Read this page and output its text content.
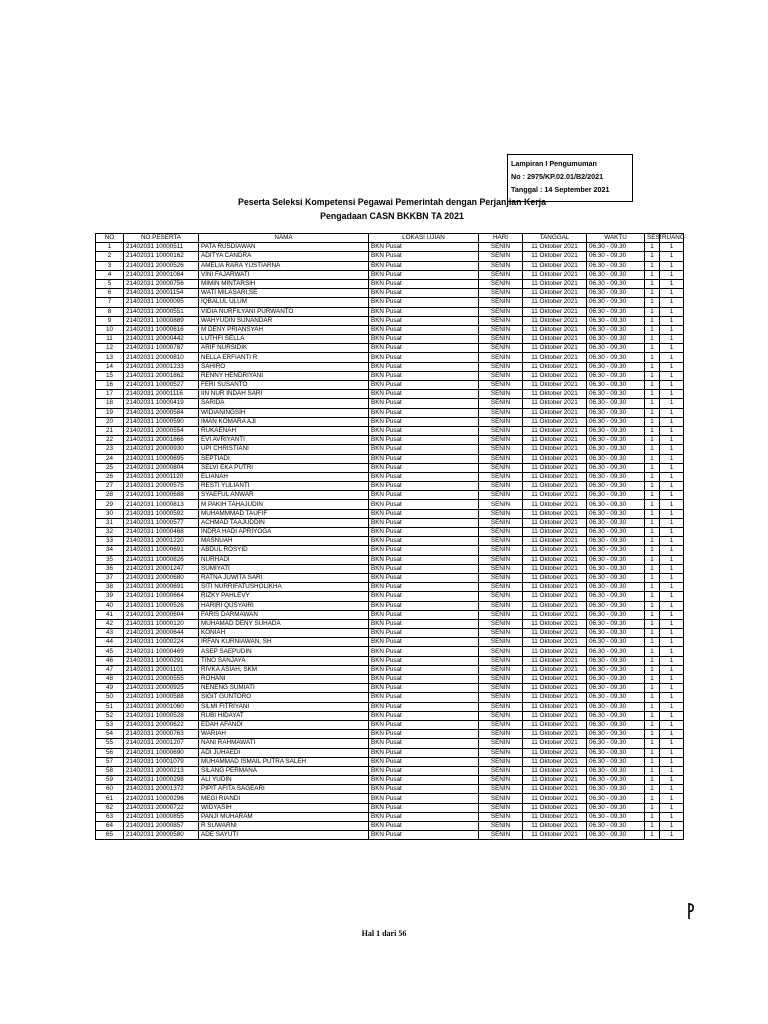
Lampiran I Pengumuman
No : 2975/KP.02.01/B2/2021
Tanggal : 14 September 2021
Peserta Seleksi Kompetensi Pegawai Pemerintah dengan Perjanjian Kerja
Pengadaan CASN BKKBN TA 2021
NO	NO PESERTA	NAMA	LOKASI UJIAN	HARI	TANGGAL	WAKTU	SESI	RUANG
1	21402031 10000511	PATA RUSDIAWAN	BKN Pusat	SENIN	11 Oktober 2021	06.30 - 09.30	1	1
2	21402031 10000162	ADITYA CANDRA	BKN Pusat	SENIN	11 Oktober 2021	06.30 - 09.30	1	1
3	21402031 20000526	AMELIA RARA YUSTIARNA	BKN Pusat	SENIN	11 Oktober 2021	06.30 - 09.30	1	1
4	21402031 20001084	VINI FAJARWATI	BKN Pusat	SENIN	11 Oktober 2021	06.30 - 09.30	1	1
5	21402031 20000756	MIMIN MINTARSIH	BKN Pusat	SENIN	11 Oktober 2021	06.30 - 09.30	1	1
6	21402031 20001154	WATI MILASARI,SE	BKN Pusat	SENIN	11 Oktober 2021	06.30 - 09.30	1	1
7	21402031 10000095	IQBALUL ULUM	BKN Pusat	SENIN	11 Oktober 2021	06.30 - 09.30	1	1
8	21402031 20000551	VIDIA NURFILYANI PURWANTO	BKN Pusat	SENIN	11 Oktober 2021	06.30 - 09.30	1	1
9	21402031 10000889	WAHYUDIN SUNANDAR	BKN Pusat	SENIN	11 Oktober 2021	06.30 - 09.30	1	1
10	21402031 10000616	M DENY PRIANSYAH	BKN Pusat	SENIN	11 Oktober 2021	06.30 - 09.30	1	1
11	21402031 20000442	LUTHFI SELLA	BKN Pusat	SENIN	11 Oktober 2021	06.30 - 09.30	1	1
12	21402031 10000787	ARIF NURSIDIK	BKN Pusat	SENIN	11 Oktober 2021	06.30 - 09.30	1	1
13	21402031 20000810	NELLA ERFIANTI R	BKN Pusat	SENIN	11 Oktober 2021	06.30 - 09.30	1	1
14	21402031 20001233	SAHIRO	BKN Pusat	SENIN	11 Oktober 2021	06.30 - 09.30	1	1
15	21402031 20001862	RENNY HENDRIYANI	BKN Pusat	SENIN	11 Oktober 2021	06.30 - 09.30	1	1
16	21402031 10000527	FERI SUSANTO	BKN Pusat	SENIN	11 Oktober 2021	06.30 - 09.30	1	1
17	21402031 20001116	IIN NUR INDAH SARI	BKN Pusat	SENIN	11 Oktober 2021	06.30 - 09.30	1	1
18	21402031 10000419	SARIDA	BKN Pusat	SENIN	11 Oktober 2021	06.30 - 09.30	1	1
19	21402031 20000584	WIDIANINGSIH	BKN Pusat	SENIN	11 Oktober 2021	06.30 - 09.30	1	1
20	21402031 10000590	IMAN KOMARA AJI	BKN Pusat	SENIN	11 Oktober 2021	06.30 - 09.30	1	1
21	21402031 20000554	RUKAENAH	BKN Pusat	SENIN	11 Oktober 2021	06.30 - 09.30	1	1
22	21402031 20001866	EVI AVRIYANTI	BKN Pusat	SENIN	11 Oktober 2021	06.30 - 09.30	1	1
23	21402031 20000930	UPI CHRISTIANI	BKN Pusat	SENIN	11 Oktober 2021	06.30 - 09.30	1	1
24	21402031 10000695	SEPTIADI	BKN Pusat	SENIN	11 Oktober 2021	06.30 - 09.30	1	1
25	21402031 20000804	SELVI EKA PUTRI	BKN Pusat	SENIN	11 Oktober 2021	06.30 - 09.30	1	1
26	21402031 20001120	ELIANAH	BKN Pusat	SENIN	11 Oktober 2021	06.30 - 09.30	1	1
27	21402031 20000575	RESTI YULIANTI	BKN Pusat	SENIN	11 Oktober 2021	06.30 - 09.30	1	1
28	21402031 10000688	SYAEFUL ANWAR	BKN Pusat	SENIN	11 Oktober 2021	06.30 - 09.30	1	1
29	21402031 10000813	M PAKIH TAHAJUDIN	BKN Pusat	SENIN	11 Oktober 2021	06.30 - 09.30	1	1
30	21402031 10000592	MUHAMMMAD TAUFIF	BKN Pusat	SENIN	11 Oktober 2021	06.30 - 09.30	1	1
31	21402031 10000577	ACHMAD TAAJUDDIN	BKN Pusat	SENIN	11 Oktober 2021	06.30 - 09.30	1	1
32	21402031 10000468	INDRA HADI APRIYOGA	BKN Pusat	SENIN	11 Oktober 2021	06.30 - 09.30	1	1
33	21402031 20001220	MASNUAH	BKN Pusat	SENIN	11 Oktober 2021	06.30 - 09.30	1	1
34	21402031 10000691	ABDUL ROSYID	BKN Pusat	SENIN	11 Oktober 2021	06.30 - 09.30	1	1
35	21402031 10000826	NURHADI	BKN Pusat	SENIN	11 Oktober 2021	06.30 - 09.30	1	1
36	21402031 20001247	SUMIYATI	BKN Pusat	SENIN	11 Oktober 2021	06.30 - 09.30	1	1
37	21402031 20000680	RATNA JUWITA SARI	BKN Pusat	SENIN	11 Oktober 2021	06.30 - 09.30	1	1
38	21402031 20000691	SITI NURRIFATUSHOLIKHA	BKN Pusat	SENIN	11 Oktober 2021	06.30 - 09.30	1	1
39	21402031 10000664	RIZKY PAHLEVY	BKN Pusat	SENIN	11 Oktober 2021	06.30 - 09.30	1	1
40	21402031 10000526	HARIRI QUSYAIRI	BKN Pusat	SENIN	11 Oktober 2021	06.30 - 09.30	1	1
41	21402031 20000604	FARIS DARMAWAN	BKN Pusat	SENIN	11 Oktober 2021	06.30 - 09.30	1	1
42	21402031 10000120	MUHAMAD DENY SUHADA	BKN Pusat	SENIN	11 Oktober 2021	06.30 - 09.30	1	1
43	21402031 20000644	KONIAH	BKN Pusat	SENIN	11 Oktober 2021	06.30 - 09.30	1	1
44	21402031 10000224	IRFAN KURNIAWAN, SH	BKN Pusat	SENIN	11 Oktober 2021	06.30 - 09.30	1	1
45	21402031 10000469	ASEP SAEPUDIN	BKN Pusat	SENIN	11 Oktober 2021	06.30 - 09.30	1	1
46	21402031 10000291	TINO SANJAYA	BKN Pusat	SENIN	11 Oktober 2021	06.30 - 09.30	1	1
47	21402031 20001101	RIVKA ASIAH, SKM	BKN Pusat	SENIN	11 Oktober 2021	06.30 - 09.30	1	1
48	21402031 20000555	ROHANI	BKN Pusat	SENIN	11 Oktober 2021	06.30 - 09.30	1	1
49	21402031 20000925	NENENG SUMIATI	BKN Pusat	SENIN	11 Oktober 2021	06.30 - 09.30	1	1
50	21402031 10000588	SIGIT GUNTORO	BKN Pusat	SENIN	11 Oktober 2021	06.30 - 09.30	1	1
51	21402031 20001060	SILMI FITRIYANI	BKN Pusat	SENIN	11 Oktober 2021	06.30 - 09.30	1	1
52	21402031 10000528	RUBI HIDAYAT	BKN Pusat	SENIN	11 Oktober 2021	06.30 - 09.30	1	1
53	21402031 20000622	EDAH AFANDI	BKN Pusat	SENIN	11 Oktober 2021	06.30 - 09.30	1	1
54	21402031 20000763	WARIAH	BKN Pusat	SENIN	11 Oktober 2021	06.30 - 09.30	1	1
55	21402031 20001207	NANI RAHMAWATI	BKN Pusat	SENIN	11 Oktober 2021	06.30 - 09.30	1	1
56	21402031 10000690	ADI JUHAEDI	BKN Pusat	SENIN	11 Oktober 2021	06.30 - 09.30	1	1
57	21402031 10001079	MUHAMMAD ISMAIL PUTRA SALEH	BKN Pusat	SENIN	11 Oktober 2021	06.30 - 09.30	1	1
58	21402031 20000213	SILANG PERMANA	BKN Pusat	SENIN	11 Oktober 2021	06.30 - 09.30	1	1
59	21402031 10000298	ALI YUDIN	BKN Pusat	SENIN	11 Oktober 2021	06.30 - 09.30	1	1
60	21402031 20001372	PIPIT AFITA SAGEARI	BKN Pusat	SENIN	11 Oktober 2021	06.30 - 09.30	1	1
61	21402031 10000296	MEGI RIANDI	BKN Pusat	SENIN	11 Oktober 2021	06.30 - 09.30	1	1
62	21402031 20000722	WIDYASIH	BKN Pusat	SENIN	11 Oktober 2021	06.30 - 09.30	1	1
63	21402031 10000855	PANJI MUHARAM	BKN Pusat	SENIN	11 Oktober 2021	06.30 - 09.30	1	1
64	21402031 20000857	R SUWARNI	BKN Pusat	SENIN	11 Oktober 2021	06.30 - 09.30	1	1
65	21402031 20000580	ADE SAYUTI	BKN Pusat	SENIN	11 Oktober 2021	06.30 - 09.30	1	1
Hal 1 dari 56
